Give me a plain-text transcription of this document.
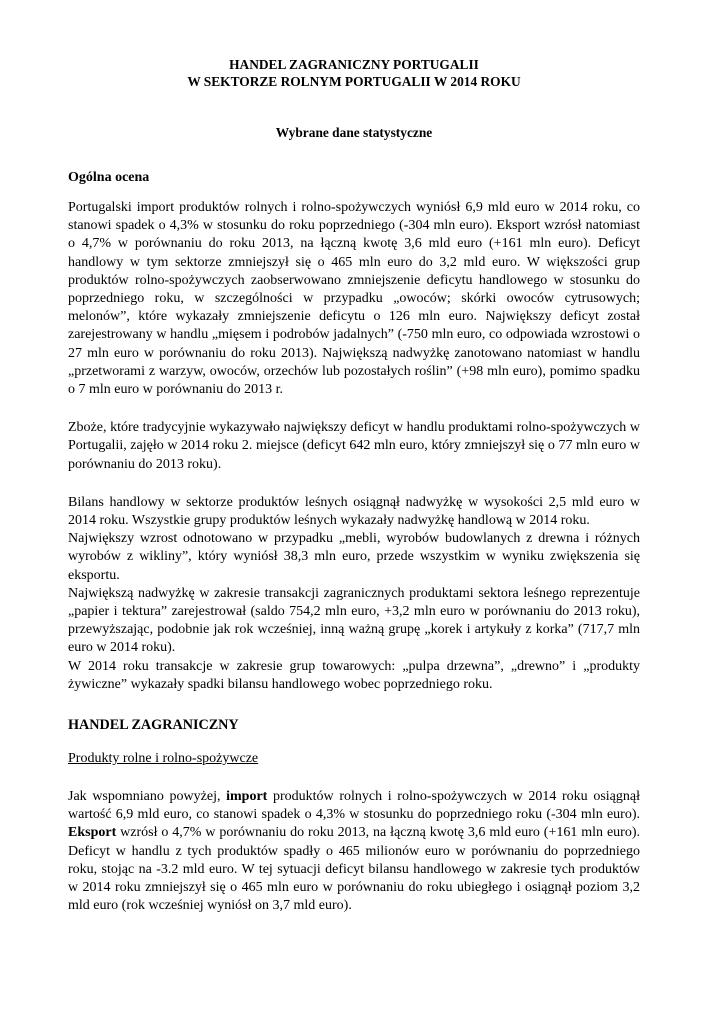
HANDEL ZAGRANICZNY PORTUGALII

W SEKTORZE ROLNYM PORTUGALII W 2014 ROKU

Wybrane dane statystyczne

Ogólna ocena

Portugalski import produktów rolnych i rolno-spożywczych wyniósł 6,9 mld euro w 2014 roku, co stanowi spadek o 4,3% w stosunku do roku poprzedniego (-304 mln euro). Eksport wzrósł natomiast o 4,7% w porównaniu do roku 2013, na łączną kwotę 3,6 mld euro (+161 mln euro). Deficyt handlowy w tym sektorze zmniejszył się o 465 mln euro do 3,2 mld euro. W większości grup produktów rolno-spożywczych zaobserwowano zmniejszenie deficytu handlowego w stosunku do poprzedniego roku, w szczególności w przypadku „owoców; skórki owoców cytrusowych; melonów”, które wykazały zmniejszenie deficytu o 126 mln euro. Największy deficyt został zarejestrowany w handlu „mięsem i podrobów jadalnych” (-750 mln euro, co odpowiada wzrostowi o 27 mln euro w porównaniu do roku 2013). Największą nadwyżkę zanotowano natomiast w handlu „przetworami z warzyw, owoców, orzechów lub pozostałych roślin” (+98 mln euro), pomimo spadku o 7 mln euro w porównaniu do 2013 r.

Zboże, które tradycyjnie wykazywało największy deficyt w handlu produktami rolno-spożywczych w Portugalii, zajęło w 2014 roku 2. miejsce (deficyt 642 mln euro, który zmniejszył się o 77 mln euro w porównaniu do 2013 roku).

Bilans handlowy w sektorze produktów leśnych osiągnął nadwyżkę w wysokości 2,5 mld euro w 2014 roku. Wszystkie grupy produktów leśnych wykazały nadwyżkę handlową w 2014 roku.

Największy wzrost odnotowano w przypadku „mebli, wyrobów budowlanych z drewna i różnych wyrobów z wikliny”, który wyniósł 38,3 mln euro, przede wszystkim w wyniku zwiększenia się eksportu.

Największą nadwyżkę w zakresie transakcji zagranicznych produktami sektora leśnego reprezentuje „papier i tektura” zarejestrował (saldo 754,2 mln euro, +3,2 mln euro w porównaniu do 2013 roku), przewyższając, podobnie jak rok wcześniej, inną ważną grupę „korek i artykuły z korka” (717,7 mln euro w 2014 roku).

W 2014 roku transakcje w zakresie grup towarowych: „pulpa drzewna”, „drewno” i „produkty żywiczne” wykazały spadki bilansu handlowego wobec poprzedniego roku.

HANDEL ZAGRANICZNY

Produkty rolne i rolno-spożywcze

Jak wspomniano powyżej, import produktów rolnych i rolno-spożywczych w 2014 roku osiągnął wartość 6,9 mld euro, co stanowi spadek o 4,3% w stosunku do poprzedniego roku (-304 mln euro). Eksport wzrósł o 4,7% w porównaniu do roku 2013, na łączną kwotę 3,6 mld euro (+161 mln euro). Deficyt w handlu z tych produktów spadły o 465 milionów euro w porównaniu do poprzedniego roku, stojąc na -3.2 mld euro. W tej sytuacji deficyt bilansu handlowego w zakresie tych produktów w 2014 roku zmniejszył się o 465 mln euro w porównaniu do roku ubiegłego i osiągnął poziom 3,2 mld euro (rok wcześniej wyniósł on 3,7 mld euro).
